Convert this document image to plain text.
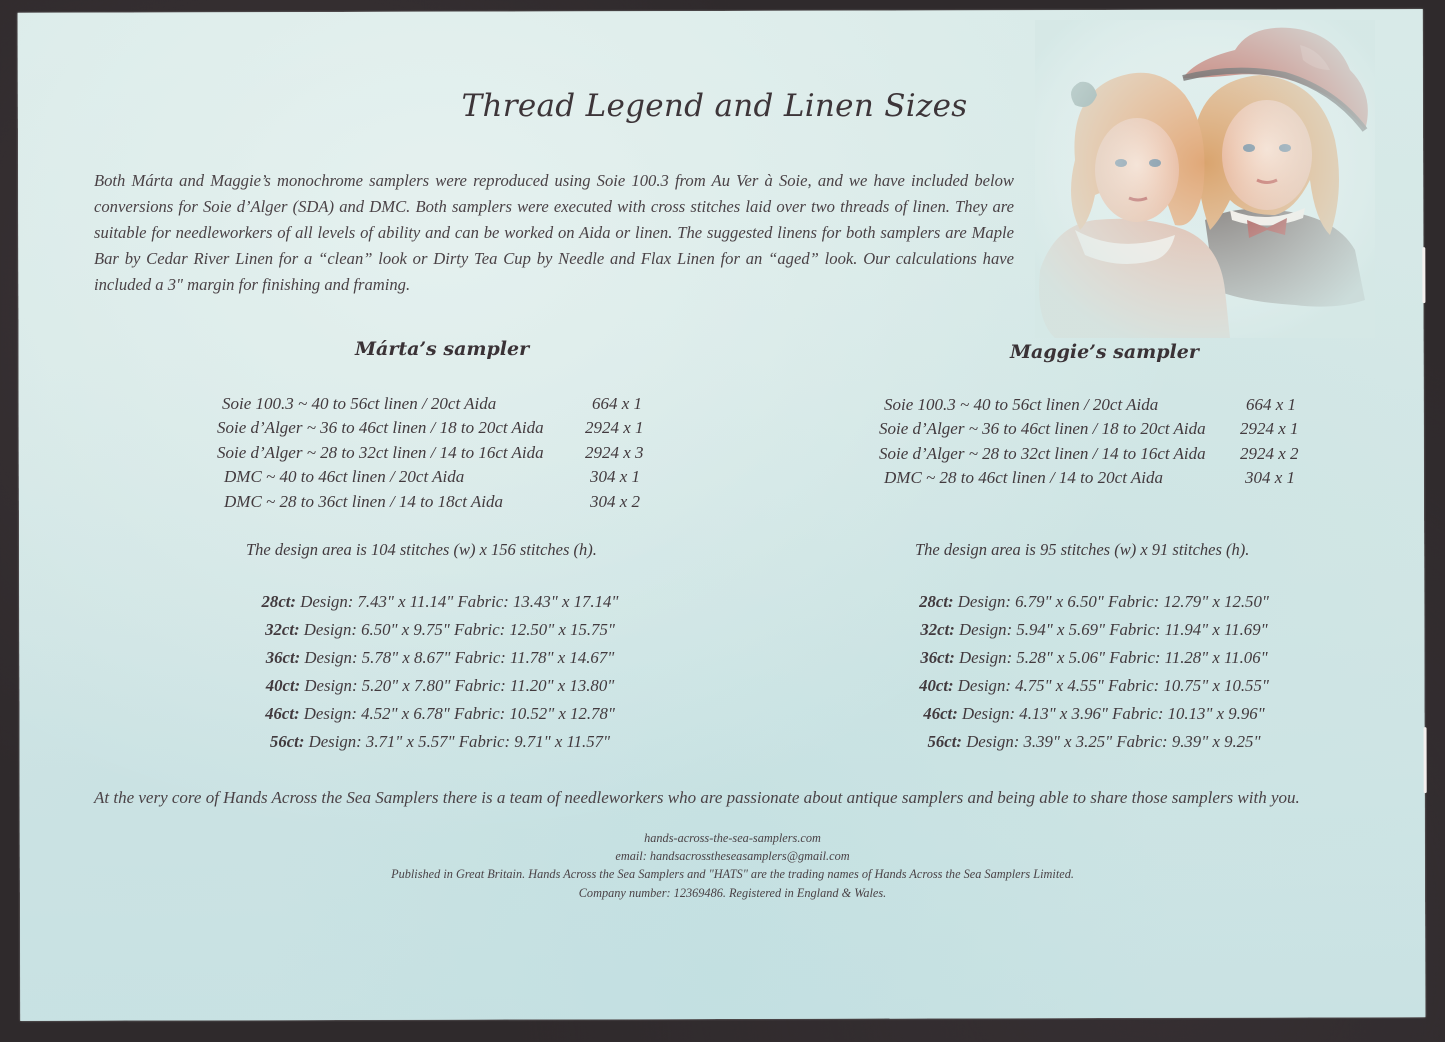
Thread Legend and Linen Sizes

Both Márta and Maggie’s monochrome samplers were reproduced using Soie 100.3 from Au Ver à Soie, and we have included below conversions for Soie d’Alger (SDA) and DMC. Both samplers were executed with cross stitches laid over two threads of linen. They are suitable for needleworkers of all levels of ability and can be worked on Aida or linen. The suggested linens for both samplers are Maple Bar by Cedar River Linen for a “clean” look or Dirty Tea Cup by Needle and Flax Linen for an “aged” look. Our calculations have included a 3" margin for finishing and framing.

Márta’s sampler
Soie 100.3 ~ 40 to 56ct linen / 20ct Aida	664 x 1
Soie d’Alger ~ 36 to 46ct linen / 18 to 20ct Aida 2924 x 1
Soie d’Alger ~ 28 to 32ct linen / 14 to 16ct Aida 2924 x 3
DMC ~ 40 to 46ct linen / 20ct Aida	304 x 1
DMC ~ 28 to 36ct linen / 14 to 18ct Aida	304 x 2
The design area is 104 stitches (w) x 156 stitches (h).
28ct: Design: 7.43" x 11.14" Fabric: 13.43" x 17.14"
32ct: Design: 6.50" x 9.75" Fabric: 12.50" x 15.75"
36ct: Design: 5.78" x 8.67" Fabric: 11.78" x 14.67"
40ct: Design: 5.20" x 7.80" Fabric: 11.20" x 13.80"
46ct: Design: 4.52" x 6.78" Fabric: 10.52" x 12.78"
56ct: Design: 3.71" x 5.57" Fabric: 9.71" x 11.57"
Maggie’s sampler
Soie 100.3 ~ 40 to 56ct linen / 20ct Aida	664 x 1
Soie d’Alger ~ 36 to 46ct linen / 18 to 20ct Aida 2924 x 1
Soie d’Alger ~ 28 to 32ct linen / 14 to 16ct Aida 2924 x 2
DMC ~ 28 to 46ct linen / 14 to 20ct Aida	304 x 1
The design area is 95 stitches (w) x 91 stitches (h).
28ct: Design: 6.79" x 6.50" Fabric: 12.79" x 12.50"
32ct: Design: 5.94" x 5.69" Fabric: 11.94" x 11.69"
36ct: Design: 5.28" x 5.06" Fabric: 11.28" x 11.06"
40ct: Design: 4.75" x 4.55" Fabric: 10.75" x 10.55"
46ct: Design: 4.13" x 3.96" Fabric: 10.13" x 9.96"
56ct: Design: 3.39" x 3.25" Fabric: 9.39" x 9.25"
At the very core of Hands Across the Sea Samplers there is a team of needleworkers who are passionate about antique samplers and being able to share those samplers with you.
hands-across-the-sea-samplers.com
email: handsacrosstheseasamplers@gmail.com
Published in Great Britain. Hands Across the Sea Samplers and "HATS" are the trading names of Hands Across the Sea Samplers Limited.
Company number: 12369486. Registered in England & Wales.
